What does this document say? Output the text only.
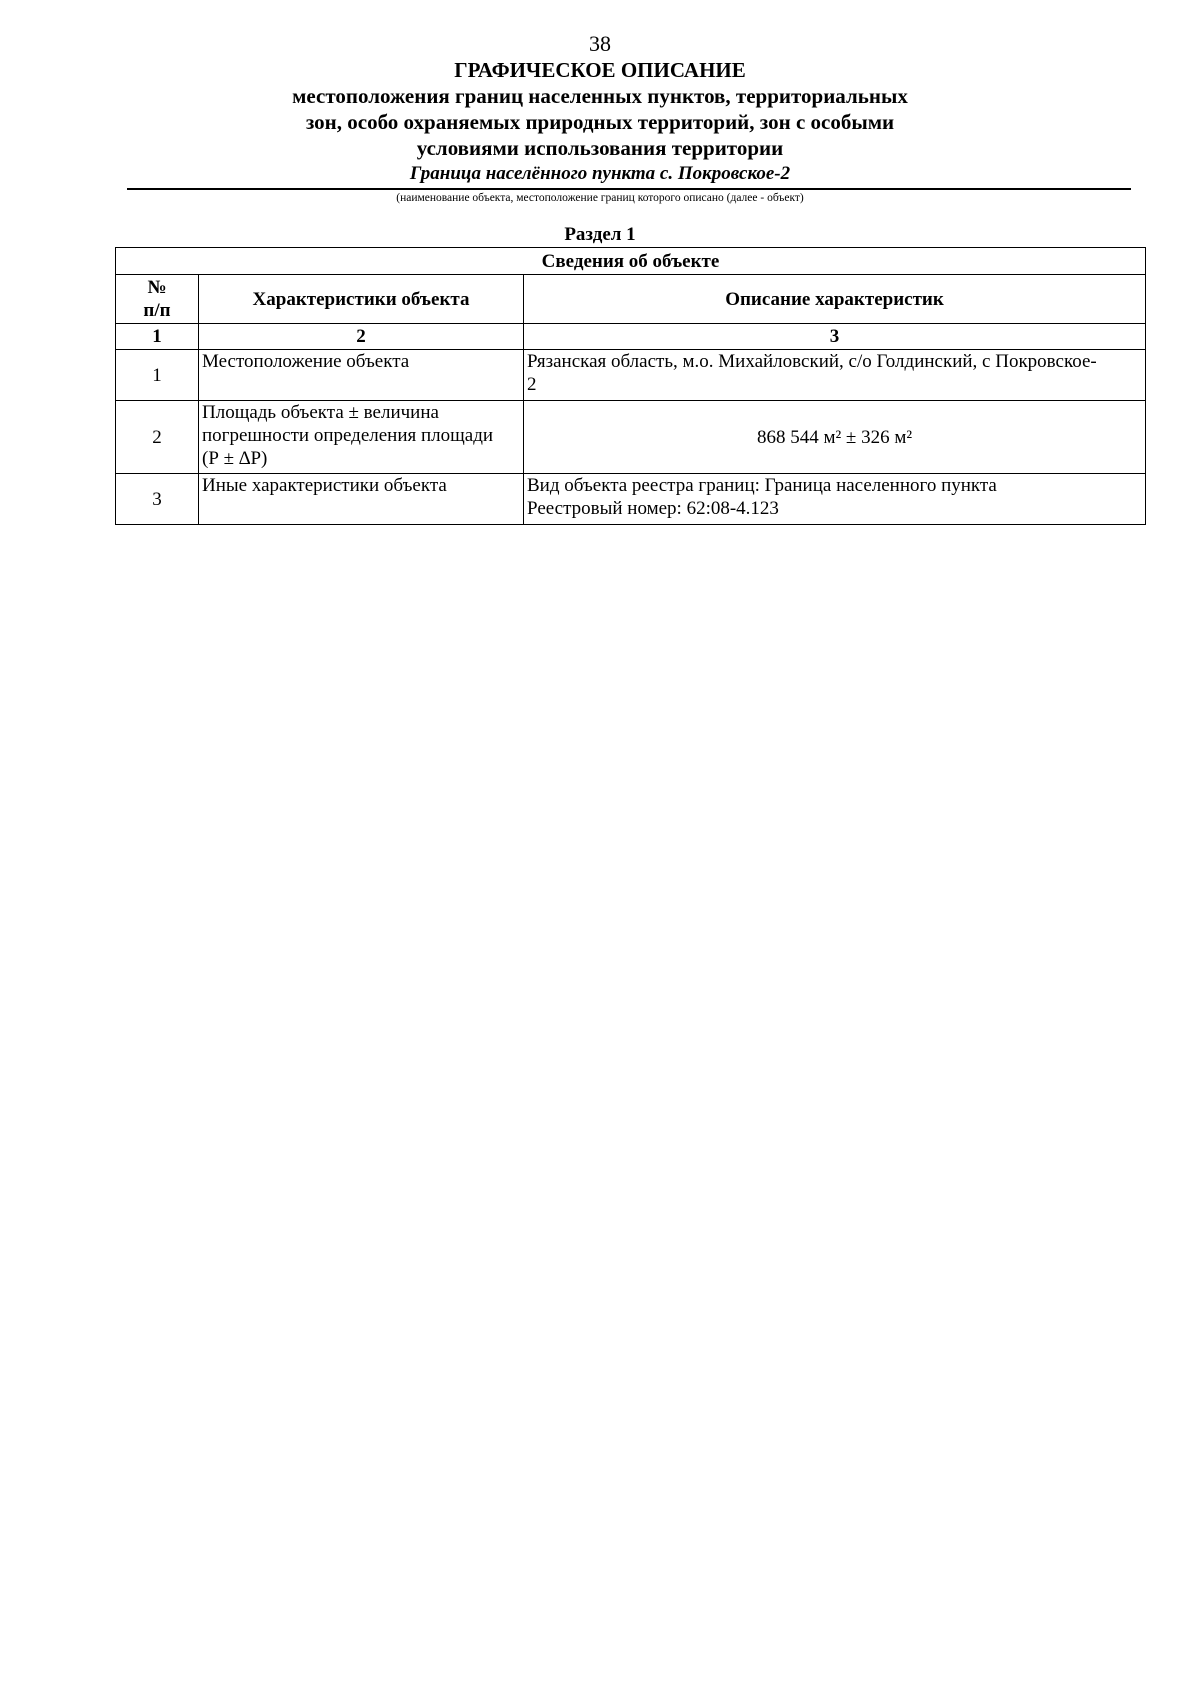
38
ГРАФИЧЕСКОЕ ОПИСАНИЕ
местоположения границ населенных пунктов, территориальных
зон, особо охраняемых природных территорий, зон с особыми
условиями использования территории
Граница населённого пункта с. Покровское-2
(наименование объекта, местоположение границ которого описано (далее - объект)
Раздел 1
Сведения об объекте		

№
п/п	Характеристики объекта	Описание характеристик
1	2	3
1	Местоположение объекта	Рязанская область, м.о. Михайловский, с/о Голдинский, с Покровское-
2

2	Площадь объекта ± величина
погрешности определения площади
(Р ± ∆Р)	868 544 м² ± 326 м²

3	Иные характеристики объекта	Вид объекта реестра границ: Граница населенного пункта
Реестровый номер: 62:08-4.123
